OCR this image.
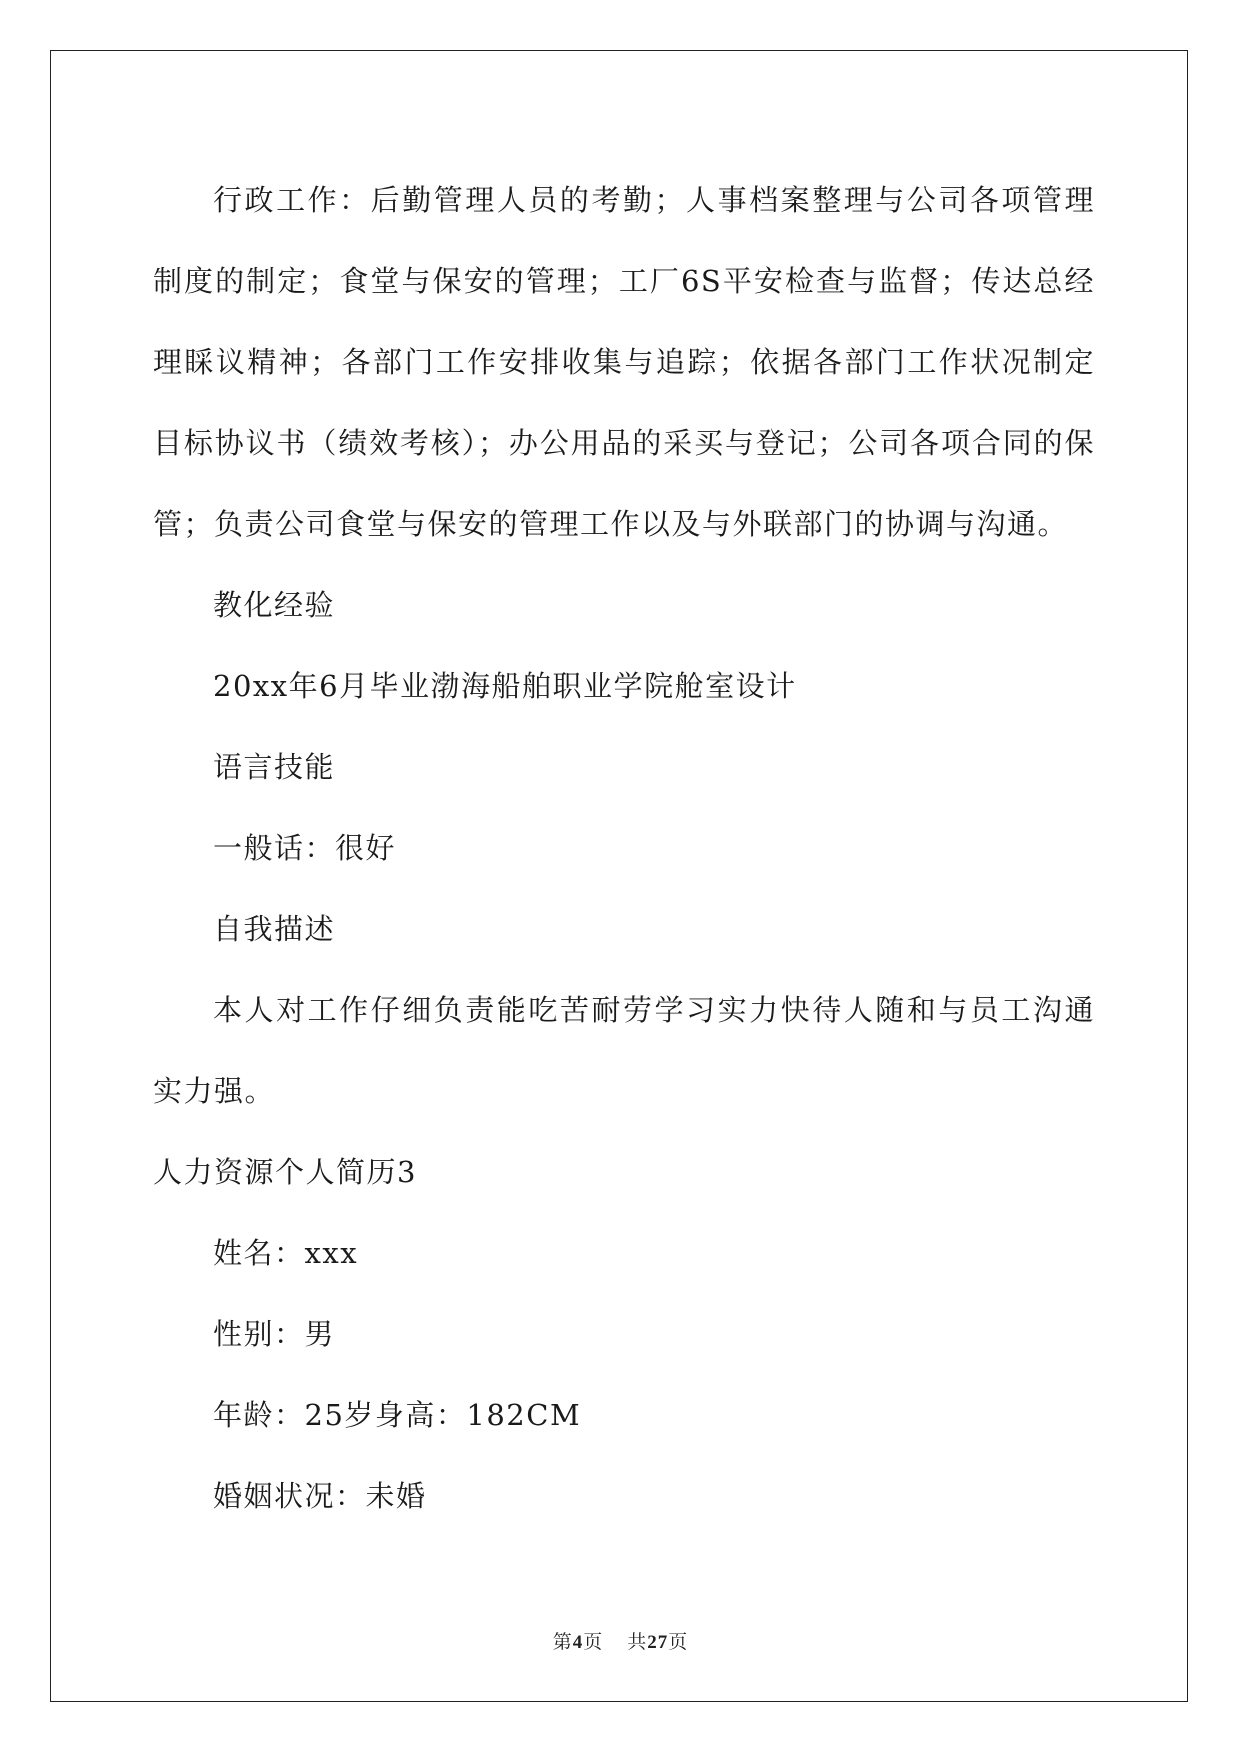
行政工作：后勤管理人员的考勤；人事档案整理与公司各项管理制度的制定；食堂与保安的管理；工厂6S平安检查与监督；传达总经理睬议精神；各部门工作安排收集与追踪；依据各部门工作状况制定目标协议书（绩效考核）；办公用品的采买与登记；公司各项合同的保管；负责公司食堂与保安的管理工作以及与外联部门的协调与沟通。

教化经验

20xx年6月毕业渤海船舶职业学院舱室设计

语言技能

一般话：很好

自我描述

本人对工作仔细负责能吃苦耐劳学习实力快待人随和与员工沟通实力强。

人力资源个人简历3

姓名：xxx

性别：男

年龄：25岁身高：182CM

婚姻状况：未婚

第4页 共27页
